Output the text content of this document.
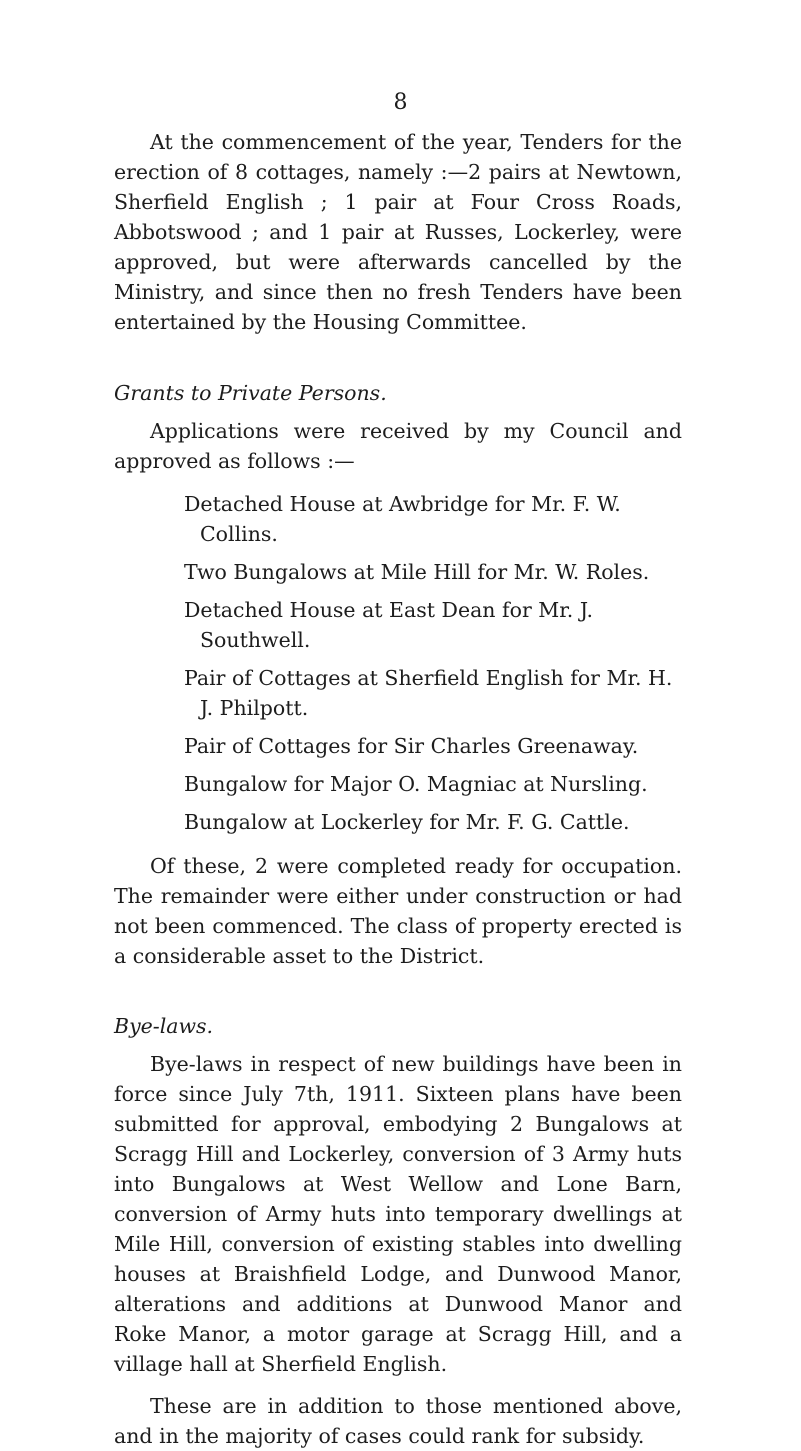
8

At the commencement of the year, Tenders for the erection of 8 cottages, namely :—2 pairs at Newtown, Sherfield English ; 1 pair at Four Cross Roads, Abbotswood ; and 1 pair at Russes, Lockerley, were approved, but were afterwards cancelled by the Ministry, and since then no fresh Tenders have been entertained by the Housing Committee.

Grants to Private Persons.

Applications were received by my Council and approved as follows :—

Detached House at Awbridge for Mr. F. W. Collins.
Two Bungalows at Mile Hill for Mr. W. Roles.
Detached House at East Dean for Mr. J. Southwell.
Pair of Cottages at Sherfield English for Mr. H. J. Philpott.
Pair of Cottages for Sir Charles Greenaway.
Bungalow for Major O. Magniac at Nursling.
Bungalow at Lockerley for Mr. F. G. Cattle.

Of these, 2 were completed ready for occupation. The remainder were either under construction or had not been commenced. The class of property erected is a considerable asset to the District.

Bye-laws.

Bye-laws in respect of new buildings have been in force since July 7th, 1911. Sixteen plans have been submitted for approval, embodying 2 Bungalows at Scragg Hill and Lockerley, conversion of 3 Army huts into Bungalows at West Wellow and Lone Barn, conversion of Army huts into temporary dwellings at Mile Hill, conversion of existing stables into dwelling houses at Braishfield Lodge, and Dunwood Manor, alterations and additions at Dunwood Manor and Roke Manor, a motor garage at Scragg Hill, and a village hall at Sherfield English.

These are in addition to those mentioned above, and in the majority of cases could rank for subsidy.
